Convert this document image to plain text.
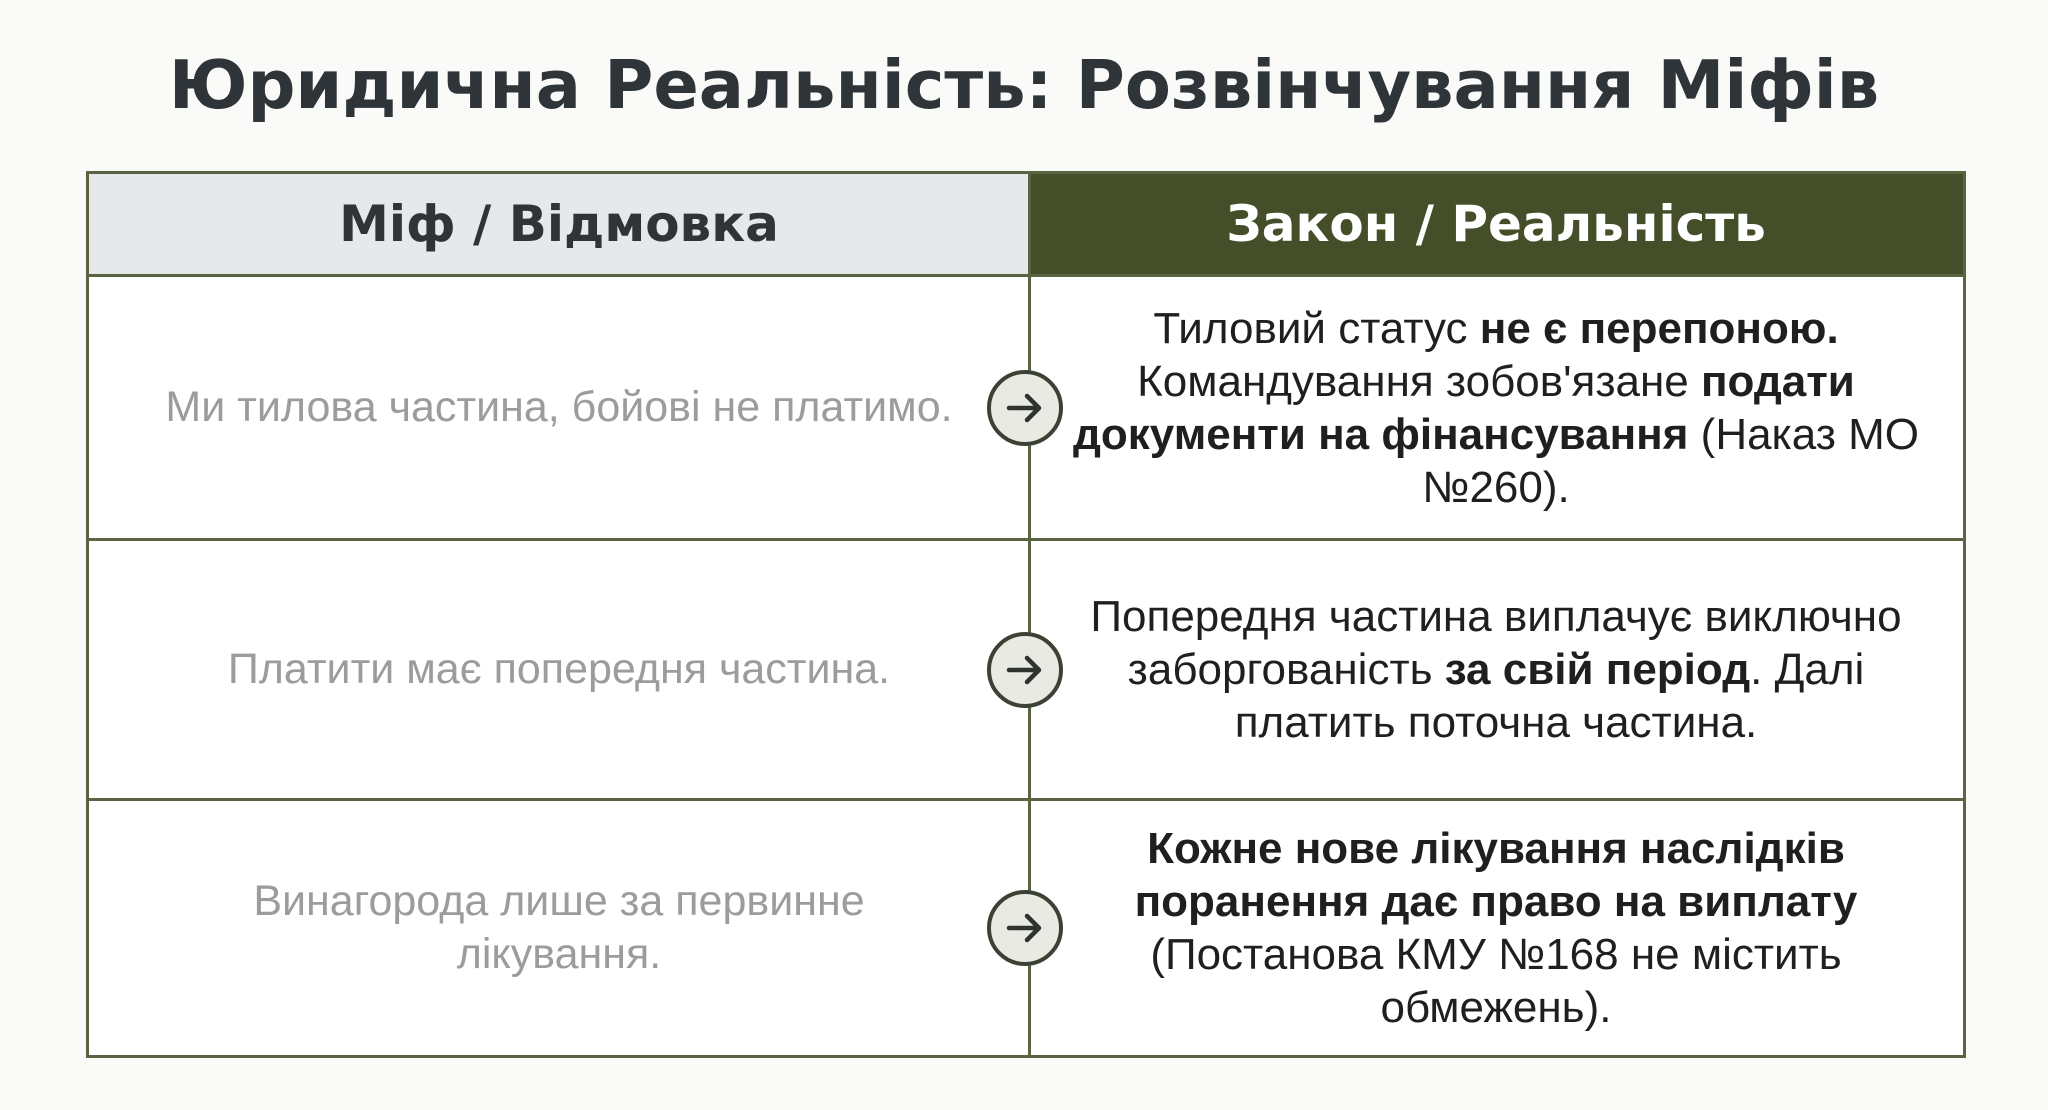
Юридична Реальність: Розвінчування Міфів
Міф / Відмовка	Закон / Реальність
Ми тилова частина, бойові не платимо.
Тиловий статус не є перепоною. Командування зобов'язане подати документи на фінансування (Наказ МО №260).
Платити має попередня частина.
Попередня частина виплачує виключно заборгованість за свій період. Далі платить поточна частина.
Винагорода лише за первинне лікування.
Кожне нове лікування наслідків поранення дає право на виплату (Постанова КМУ №168 не містить обмежень).
